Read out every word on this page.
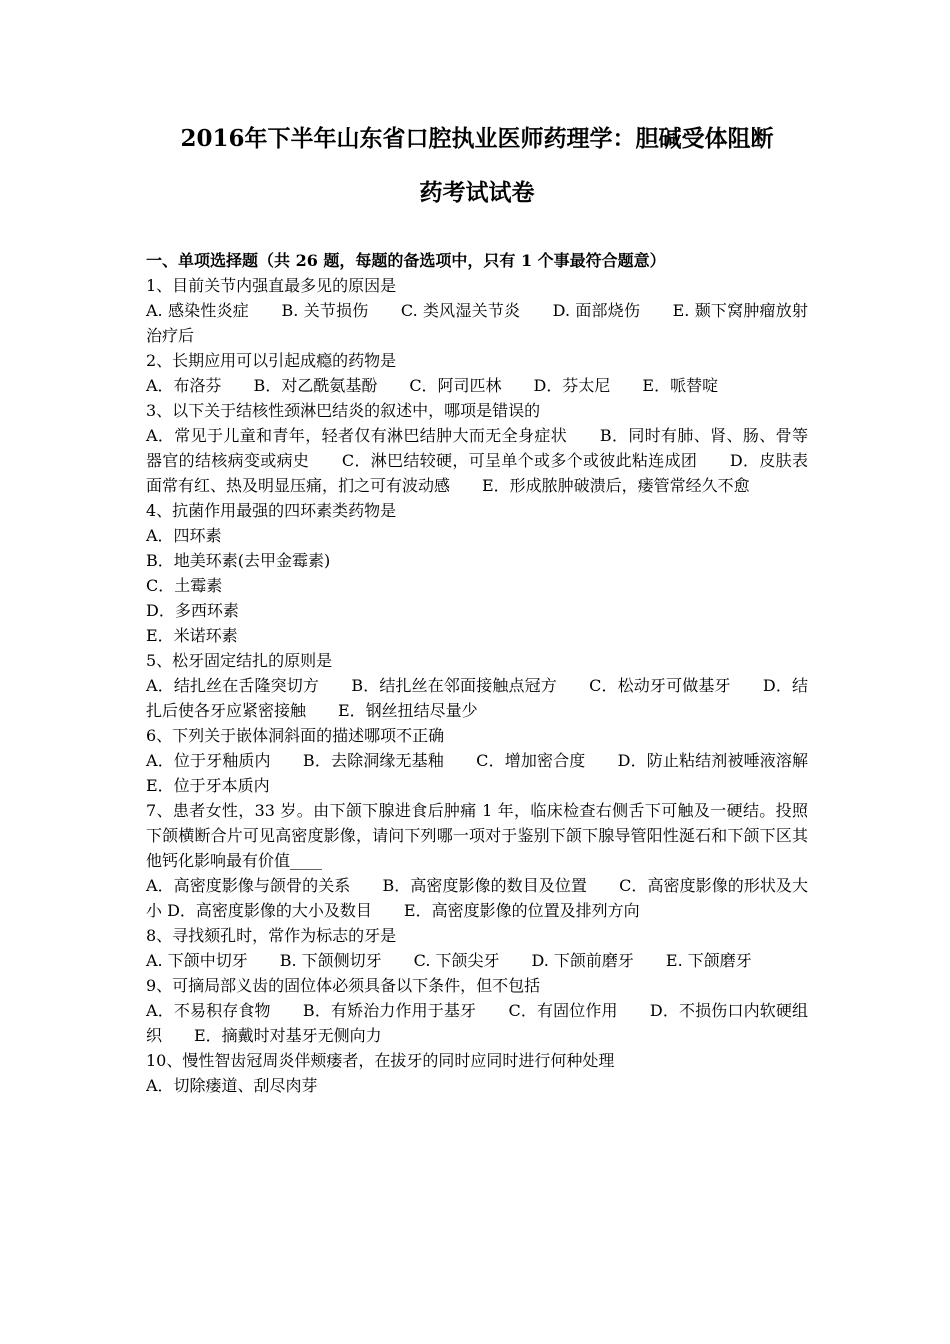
2016年下半年山东省口腔执业医师药理学：胆碱受体阻断
药考试试卷
一、单项选择题（共 26 题，每题的备选项中，只有 1 个事最符合题意）
1、目前关节内强直最多见的原因是
A. 感染性炎症　　B. 关节损伤　　C. 类风湿关节炎　　D. 面部烧伤　　E. 颞下窝肿瘤放射治疗后
2、长期应用可以引起成瘾的药物是
A．布洛芬　　B．对乙酰氨基酚　　C．阿司匹林　　D．芬太尼　　E．哌替啶
3、以下关于结核性颈淋巴结炎的叙述中，哪项是错误的
A．常见于儿童和青年，轻者仅有淋巴结肿大而无全身症状　　B．同时有肺、肾、肠、骨等器官的结核病变或病史　　C．淋巴结较硬，可呈单个或多个或彼此粘连成团　　D．皮肤表面常有红、热及明显压痛，扪之可有波动感　　E．形成脓肿破溃后，瘘管常经久不愈
4、抗菌作用最强的四环素类药物是
A．四环素
B．地美环素(去甲金霉素)
C．土霉素
D．多西环素
E．米诺环素
5、松牙固定结扎的原则是
A．结扎丝在舌隆突切方　　B．结扎丝在邻面接触点冠方　　C．松动牙可做基牙　　D．结扎后使各牙应紧密接触　　E．钢丝扭结尽量少
6、下列关于嵌体洞斜面的描述哪项不正确
A．位于牙釉质内　　B．去除洞缘无基釉　　C．增加密合度　　D．防止粘结剂被唾液溶解　　E．位于牙本质内
7、患者女性，33 岁。由下颌下腺进食后肿痛 1 年，临床检查右侧舌下可触及一硬结。投照下颌横断合片可见高密度影像，请问下列哪一项对于鉴别下颌下腺导管阳性涎石和下颌下区其他钙化影响最有价值____
A．高密度影像与颌骨的关系　　B．高密度影像的数目及位置　　C．高密度影像的形状及大小 D．高密度影像的大小及数目　　E．高密度影像的位置及排列方向
8、寻找颏孔时，常作为标志的牙是
A. 下颌中切牙　　B. 下颌侧切牙　　C. 下颌尖牙　　D. 下颌前磨牙　　E. 下颌磨牙
9、可摘局部义齿的固位体必须具备以下条件，但不包括
A．不易积存食物　　B．有矫治力作用于基牙　　C．有固位作用　　D．不损伤口内软硬组织　　E．摘戴时对基牙无侧向力
10、慢性智齿冠周炎伴颊瘘者，在拔牙的同时应同时进行何种处理
A．切除瘘道、刮尽肉芽
